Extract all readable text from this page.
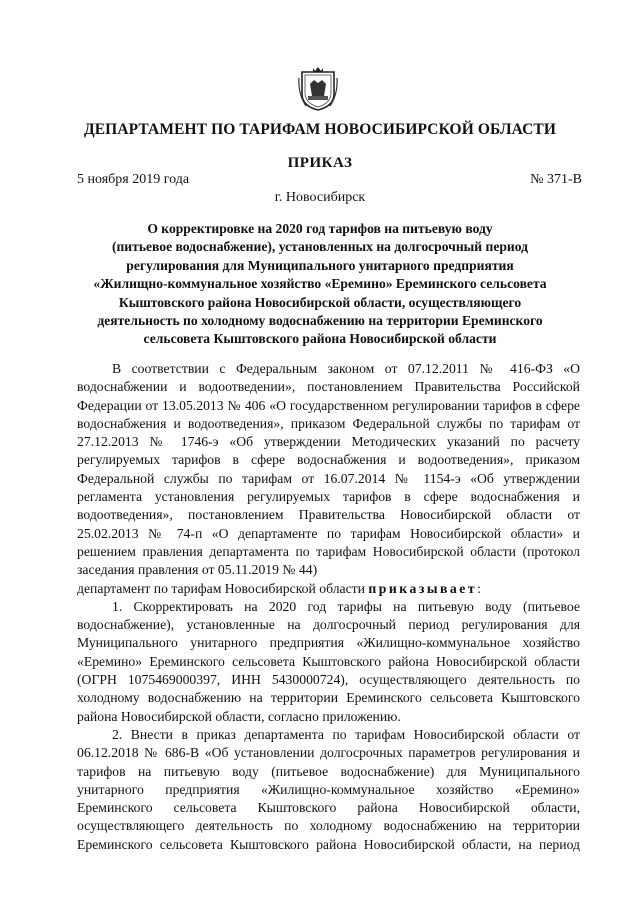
ДЕПАРТАМЕНТ ПО ТАРИФАМ НОВОСИБИРСКОЙ ОБЛАСТИ
ПРИКАЗ
5 ноября 2019 года	№ 371-В
г. Новосибирск
О корректировке на 2020 год тарифов на питьевую воду
(питьевое водоснабжение), установленных на долгосрочный период
регулирования для Муниципального унитарного предприятия
«Жилищно-коммунальное хозяйство «Еремино» Ереминского сельсовета
Кыштовского района Новосибирской области, осуществляющего
деятельность по холодному водоснабжению на территории Ереминского
сельсовета Кыштовского района Новосибирской области

В соответствии с Федеральным законом от 07.12.2011 № 416-ФЗ «О водоснабжении и водоотведении», постановлением Правительства Российской Федерации от 13.05.2013 № 406 «О государственном регулировании тарифов в сфере водоснабжения и водоотведения», приказом Федеральной службы по тарифам от 27.12.2013 № 1746-э «Об утверждении Методических указаний по расчету регулируемых тарифов в сфере водоснабжения и водоотведения», приказом Федеральной службы по тарифам от 16.07.2014 № 1154-э «Об утверждении регламента установления регулируемых тарифов в сфере водоснабжения и водоотведения», постановлением Правительства Новосибирской области от 25.02.2013 № 74-п «О департаменте по тарифам Новосибирской области» и решением правления департамента по тарифам Новосибирской области (протокол заседания правления от 05.11.2019 № 44)

департамент по тарифам Новосибирской области приказывает:

1. Скорректировать на 2020 год тарифы на питьевую воду (питьевое водоснабжение), установленные на долгосрочный период регулирования для Муниципального унитарного предприятия «Жилищно-коммунальное хозяйство «Еремино» Ереминского сельсовета Кыштовского района Новосибирской области (ОГРН 1075469000397, ИНН 5430000724), осуществляющего деятельность по холодному водоснабжению на территории Ереминского сельсовета Кыштовского района Новосибирской области, согласно приложению.

2. Внести в приказ департамента по тарифам Новосибирской области от 06.12.2018 № 686-В «Об установлении долгосрочных параметров регулирования и тарифов на питьевую воду (питьевое водоснабжение) для Муниципального унитарного предприятия «Жилищно-коммунальное хозяйство «Еремино» Ереминского сельсовета Кыштовского района Новосибирской области, осуществляющего деятельность по холодному водоснабжению на территории Ереминского сельсовета Кыштовского района Новосибирской области, на период
